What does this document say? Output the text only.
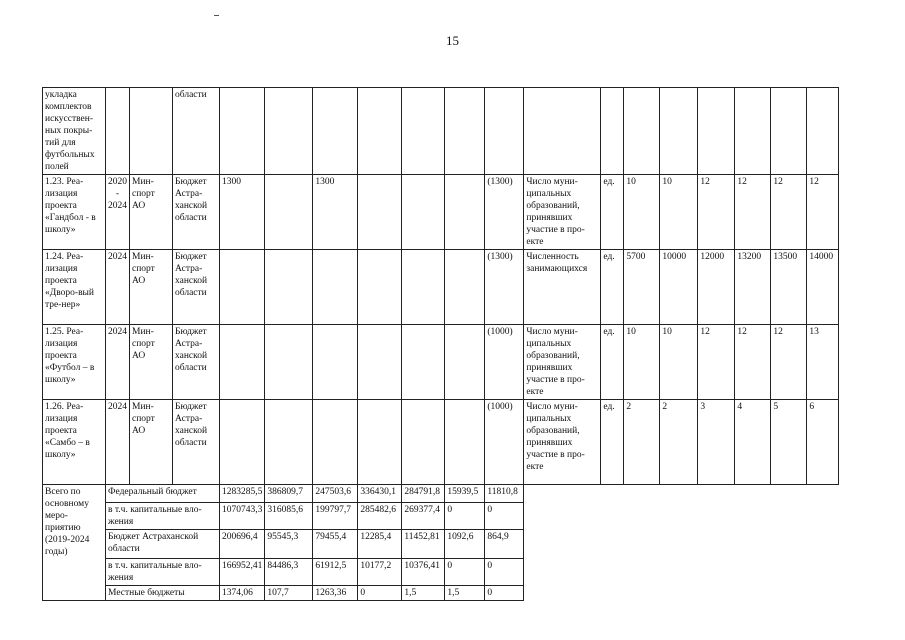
15
укладка комплектов искусствен-ных покры-тий для футбольных полей			области															
1.23. Реа-лизация проекта «Гандбол - в школу»	2020 - 2024	Мин-спорт АО	Бюджет Астра-ханской области	1300		1300				(1300)	Число муни-ципальных образований, принявших участие в про-екте	ед.	10	10	12	12	12	12
1.24. Реа-лизация проекта «Дворо-вый тре-нер»	2024	Мин-спорт АО	Бюджет Астра-ханской области							(1300)	Численность занимающихся	ед.	5700	10000	12000	13200	13500	14000
1.25. Реа-лизация проекта «Футбол – в школу»	2024	Мин-спорт АО	Бюджет Астра-ханской области							(1000)	Число муни-ципальных образований, принявших участие в про-екте	ед.	10	10	12	12	12	13
1.26. Реа-лизация проекта «Самбо – в школу»	2024	Мин-спорт АО	Бюджет Астра-ханской области							(1000)	Число муни-ципальных образований, принявших участие в про-екте	ед.	2	2	3	4	5	6
Всего по основному меро-приятию (2019-2024 годы)	Федеральный бюджет			1283285,5	386809,7	247503,6	336430,1	284791,8	15939,5	11810,8								
	в т.ч. капитальные вло-жения			1070743,3	316085,6	199797,7	285482,6	269377,4	0	0								
	Бюджет Астраханской области			200696,4	95545,3	79455,4	12285,4	11452,81	1092,6	864,9								
	в т.ч. капитальные вло-жения			166952,41	84486,3	61912,5	10177,2	10376,41	0	0								
	Местные бюджеты			1374,06	107,7	1263,36	0	1,5	1,5	0								
